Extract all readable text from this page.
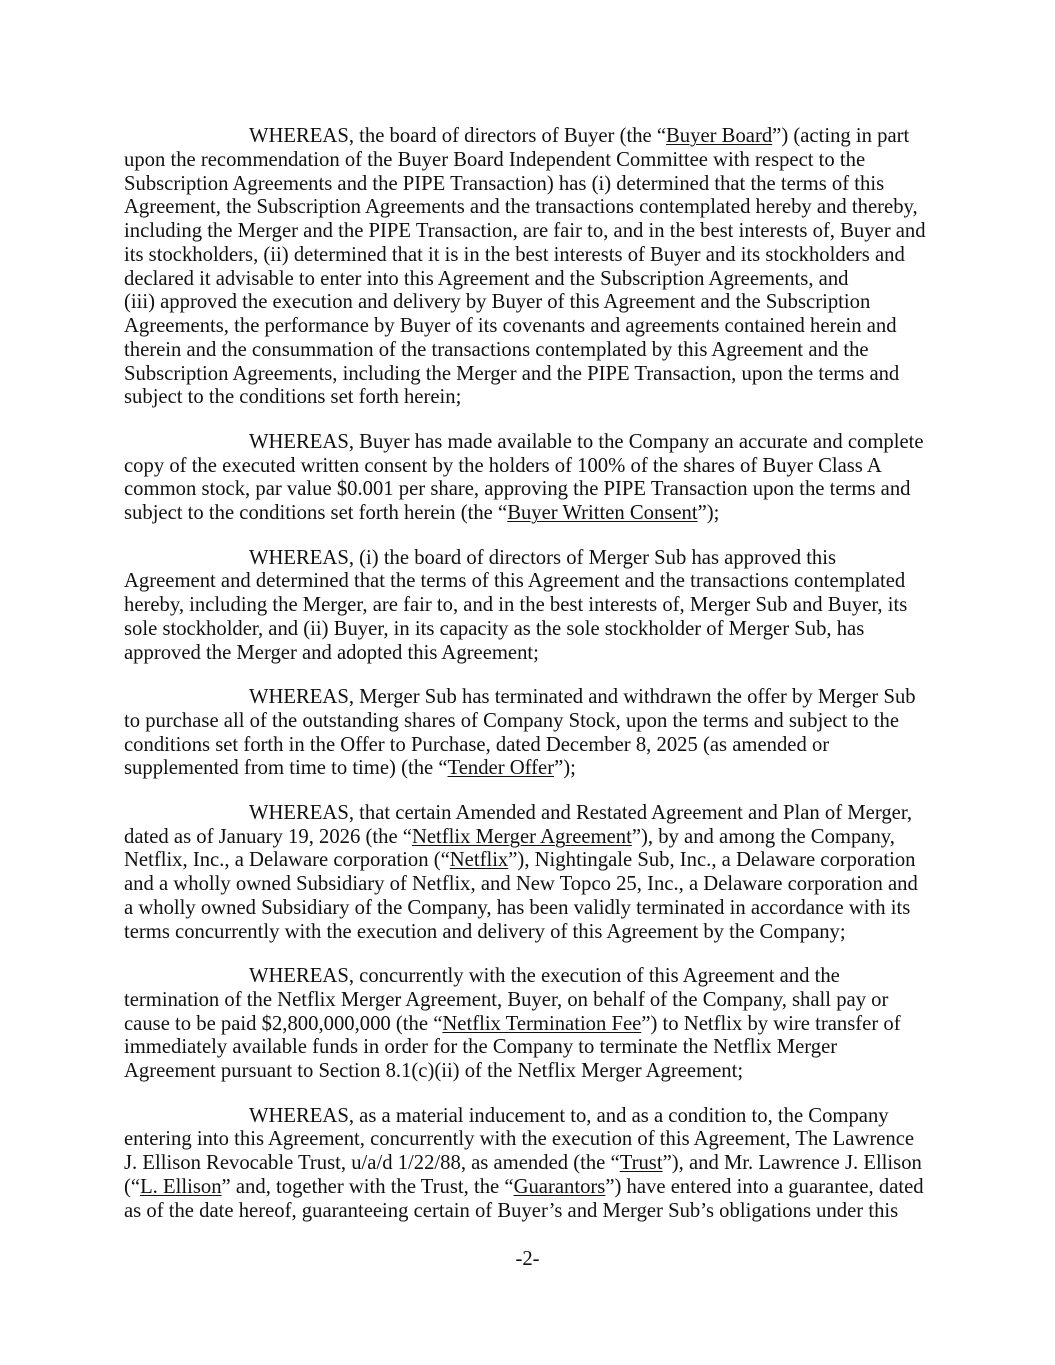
WHEREAS, the board of directors of Buyer (the “Buyer Board”) (acting in part
upon the recommendation of the Buyer Board Independent Committee with respect to the
Subscription Agreements and the PIPE Transaction) has (i) determined that the terms of this
Agreement, the Subscription Agreements and the transactions contemplated hereby and thereby,
including the Merger and the PIPE Transaction, are fair to, and in the best interests of, Buyer and
its stockholders, (ii) determined that it is in the best interests of Buyer and its stockholders and
declared it advisable to enter into this Agreement and the Subscription Agreements, and
(iii) approved the execution and delivery by Buyer of this Agreement and the Subscription
Agreements, the performance by Buyer of its covenants and agreements contained herein and
therein and the consummation of the transactions contemplated by this Agreement and the
Subscription Agreements, including the Merger and the PIPE Transaction, upon the terms and
subject to the conditions set forth herein;

WHEREAS, Buyer has made available to the Company an accurate and complete
copy of the executed written consent by the holders of 100% of the shares of Buyer Class A
common stock, par value $0.001 per share, approving the PIPE Transaction upon the terms and
subject to the conditions set forth herein (the “Buyer Written Consent”);

WHEREAS, (i) the board of directors of Merger Sub has approved this
Agreement and determined that the terms of this Agreement and the transactions contemplated
hereby, including the Merger, are fair to, and in the best interests of, Merger Sub and Buyer, its
sole stockholder, and (ii) Buyer, in its capacity as the sole stockholder of Merger Sub, has
approved the Merger and adopted this Agreement;

WHEREAS, Merger Sub has terminated and withdrawn the offer by Merger Sub
to purchase all of the outstanding shares of Company Stock, upon the terms and subject to the
conditions set forth in the Offer to Purchase, dated December 8, 2025 (as amended or
supplemented from time to time) (the “Tender Offer”);

WHEREAS, that certain Amended and Restated Agreement and Plan of Merger,
dated as of January 19, 2026 (the “Netflix Merger Agreement”), by and among the Company,
Netflix, Inc., a Delaware corporation (“Netflix”), Nightingale Sub, Inc., a Delaware corporation
and a wholly owned Subsidiary of Netflix, and New Topco 25, Inc., a Delaware corporation and
a wholly owned Subsidiary of the Company, has been validly terminated in accordance with its
terms concurrently with the execution and delivery of this Agreement by the Company;

WHEREAS, concurrently with the execution of this Agreement and the
termination of the Netflix Merger Agreement, Buyer, on behalf of the Company, shall pay or
cause to be paid $2,800,000,000 (the “Netflix Termination Fee”) to Netflix by wire transfer of
immediately available funds in order for the Company to terminate the Netflix Merger
Agreement pursuant to Section 8.1(c)(ii) of the Netflix Merger Agreement;

WHEREAS, as a material inducement to, and as a condition to, the Company
entering into this Agreement, concurrently with the execution of this Agreement, The Lawrence
J. Ellison Revocable Trust, u/a/d 1/22/88, as amended (the “Trust”), and Mr. Lawrence J. Ellison
(“L. Ellison” and, together with the Trust, the “Guarantors”) have entered into a guarantee, dated
as of the date hereof, guaranteeing certain of Buyer’s and Merger Sub’s obligations under this

-2-
